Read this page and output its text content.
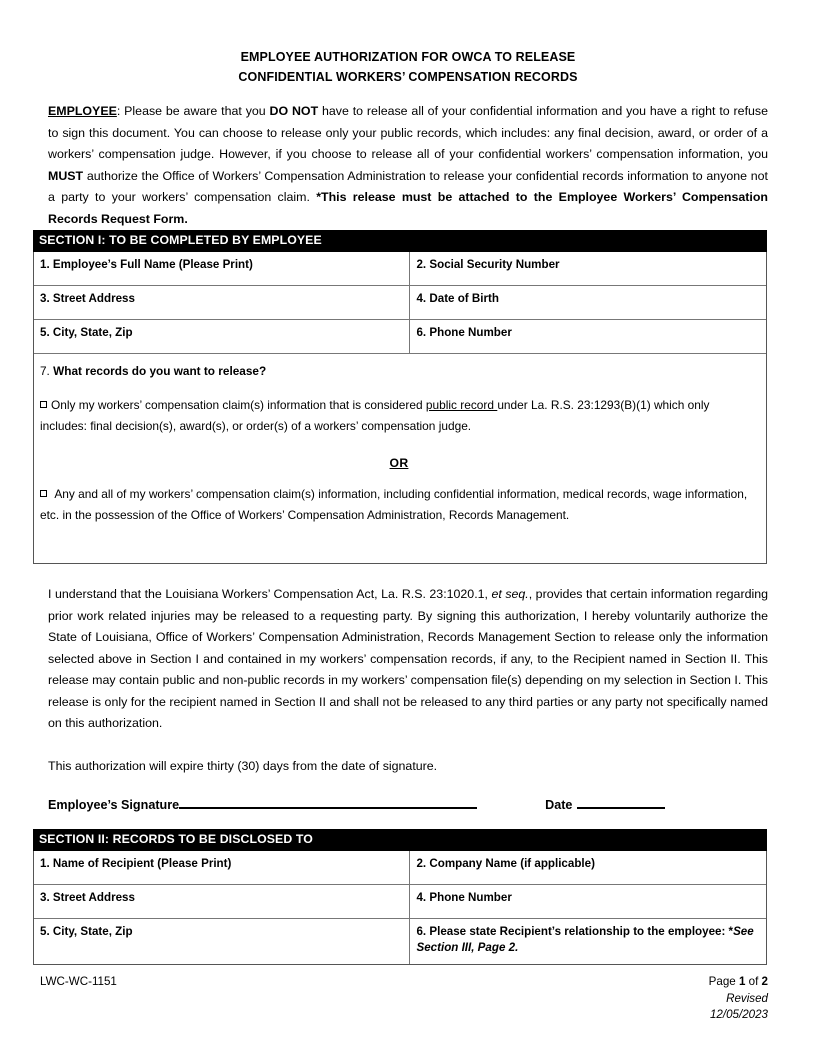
EMPLOYEE AUTHORIZATION FOR OWCA TO RELEASE
CONFIDENTIAL WORKERS’ COMPENSATION RECORDS
EMPLOYEE: Please be aware that you DO NOT have to release all of your confidential information and you have a right to refuse to sign this document. You can choose to release only your public records, which includes: any final decision, award, or order of a workers’ compensation judge. However, if you choose to release all of your confidential workers’ compensation information, you MUST authorize the Office of Workers’ Compensation Administration to release your confidential records information to anyone not a party to your workers’ compensation claim. *This release must be attached to the Employee Workers’ Compensation Records Request Form.
SECTION I: TO BE COMPLETED BY EMPLOYEE
1. Employee’s Full Name (Please Print)	2. Social Security Number
3. Street Address	4. Date of Birth
5. City, State, Zip	6. Phone Number
7. What records do you want to release?
Only my workers’ compensation claim(s) information that is considered public record under La. R.S. 23:1293(B)(1) which only includes: final decision(s), award(s), or order(s) of a workers’ compensation judge.
OR
Any and all of my workers’ compensation claim(s) information, including confidential information, medical records, wage information, etc. in the possession of the Office of Workers’ Compensation Administration, Records Management.
I understand that the Louisiana Workers’ Compensation Act, La. R.S. 23:1020.1, et seq., provides that certain information regarding prior work related injuries may be released to a requesting party. By signing this authorization, I hereby voluntarily authorize the State of Louisiana, Office of Workers’ Compensation Administration, Records Management Section to release only the information selected above in Section I and contained in my workers’ compensation records, if any, to the Recipient named in Section II. This release may contain public and non-public records in my workers’ compensation file(s) depending on my selection in Section I. This release is only for the recipient named in Section II and shall not be released to any third parties or any party not specifically named on this authorization.
This authorization will expire thirty (30) days from the date of signature.
Employee’s Signature	Date
SECTION II: RECORDS TO BE DISCLOSED TO
1. Name of Recipient (Please Print)	2. Company Name (if applicable)
3. Street Address	4. Phone Number
5. City, State, Zip	6. Please state Recipient’s relationship to the employee: *See Section III, Page 2.
LWC-WC-1151	Page 1 of 2
Revised
12/05/2023
